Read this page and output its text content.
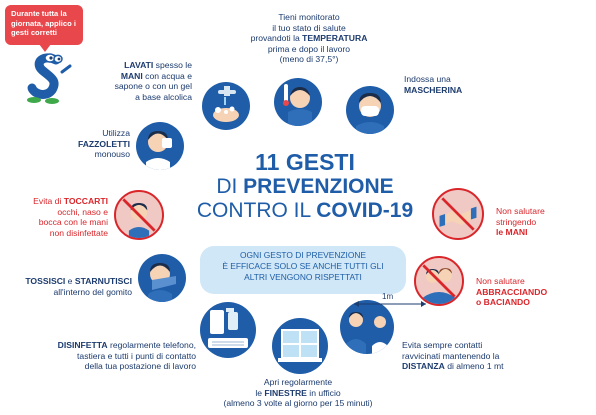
Durante tutta la giornata, applico i gesti corretti
11 GESTI
DI PREVENZIONE
CONTRO IL COVID-19
OGNI GESTO DI PREVENZIONE
È EFFICACE SOLO SE ANCHE TUTTI GLI
ALTRI VENGONO RISPETTATI
1m
LAVATI spesso le
MANI con acqua e
sapone o con un gel
a base alcolica
Tieni monitorato
il tuo stato di salute
provandoti la TEMPERATURA
prima e dopo il lavoro
(meno di 37,5°)
Indossa una
MASCHERINA
Utilizza
FAZZOLETTI
monouso
Evita di TOCCARTI
occhi, naso e
bocca con le mani
non disinfettate
Non salutare
stringendo
le MANI
Non salutare
ABBRACCIANDO
o BACIANDO
TOSSISCI e STARNUTISCI
all'interno del gomito
DISINFETTA regolarmente telefono,
tastiera e tutti i punti di contatto
della tua postazione di lavoro
Apri regolarmente
le FINESTRE in ufficio
(almeno 3 volte al giorno per 15 minuti)
Evita sempre contatti
ravvicinati mantenendo la
DISTANZA di almeno 1 mt
